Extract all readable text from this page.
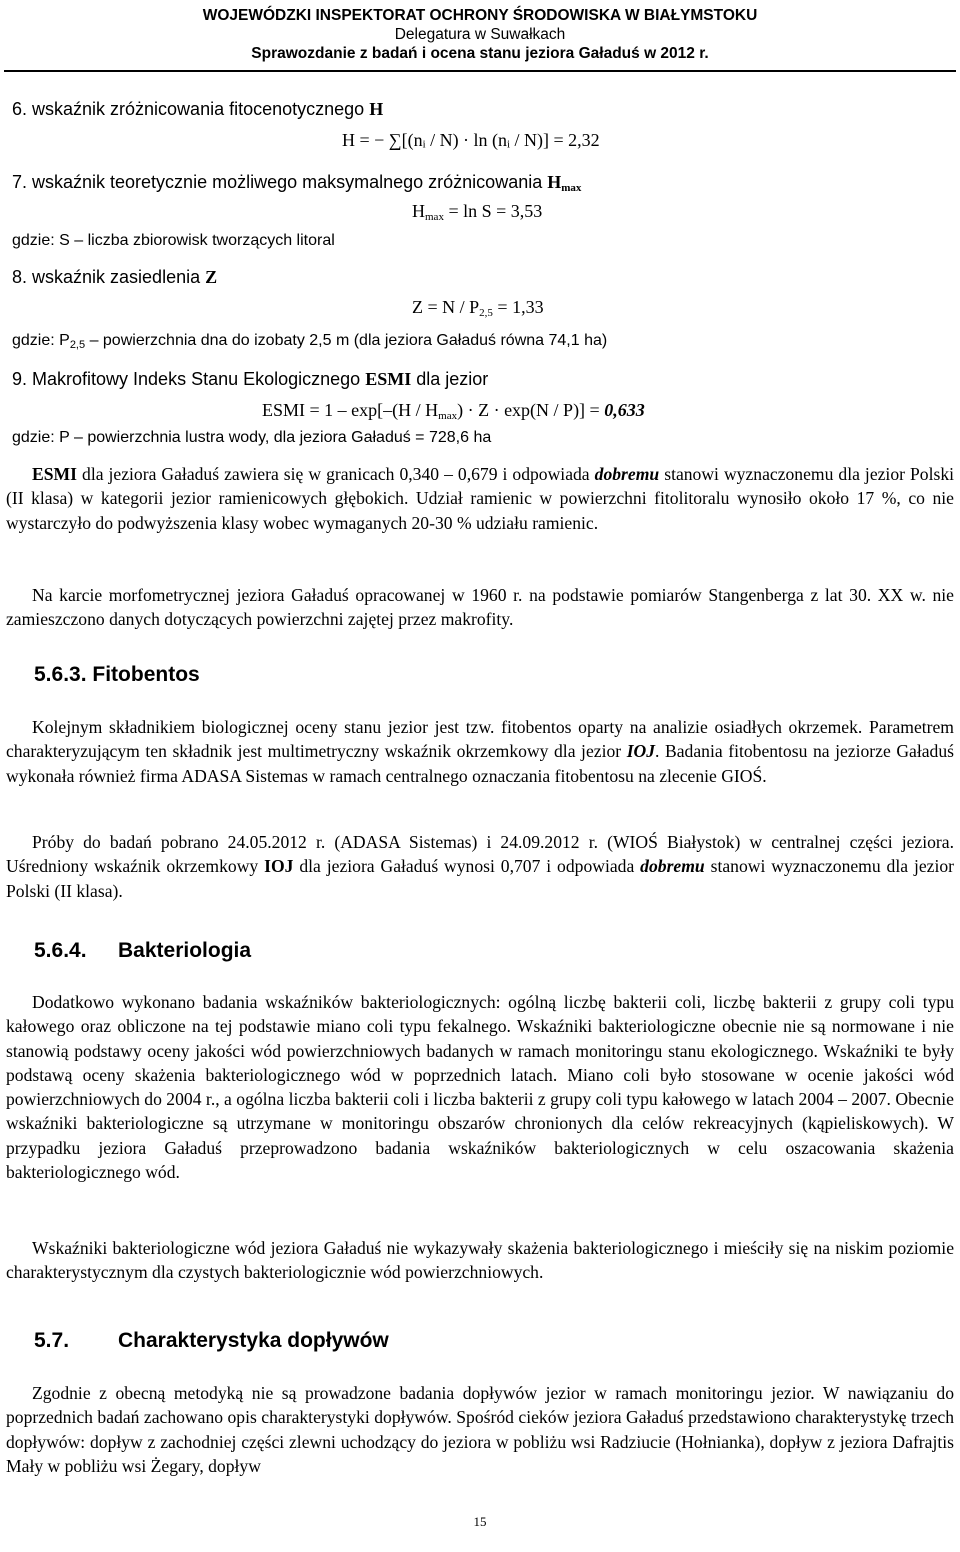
WOJEWÓDZKI INSPEKTORAT OCHRONY ŚRODOWISKA W BIAŁYMSTOKU
Delegatura w Suwałkach
Sprawozdanie z badań i ocena stanu jeziora Gaładuś w 2012 r.
6. wskaźnik zróżnicowania fitocenotycznego H
H = − ∑[(nᵢ / N) · ln (nᵢ / N)] = 2,32
7. wskaźnik teoretycznie możliwego maksymalnego zróżnicowania $H_{max}$
$H_{max} = \ln S = 3,53$
gdzie: S – liczba zbiorowisk tworzących litoral
8. wskaźnik zasiedlenia Z
$Z = N / P_{2,5} = 1,33$
gdzie: $P_{2,5}$ – powierzchnia dna do izobaty 2,5 m (dla jeziora Gaładuś równa 74,1 ha)
9. Makrofitowy Indeks Stanu Ekologicznego ESMI dla jezior
ESMI = $1 - \exp[-(H / H_{max}) \cdot Z \cdot \exp(N / P)] = 0,633$
gdzie: P – powierzchnia lustra wody, dla jeziora Gaładuś = 728,6 ha

ESMI dla jeziora Gaładuś zawiera się w granicach 0,340 – 0,679 i odpowiada dobremu stanowi wyznaczonemu dla jezior Polski (II klasa) w kategorii jezior ramienicowych głębokich. Udział ramienic w powierzchni fitolitoralu wynosiło około 17 %, co nie wystarczyło do podwyższenia klasy wobec wymaganych 20-30 % udziału ramienic.

Na karcie morfometrycznej jeziora Gaładuś opracowanej w 1960 r. na podstawie pomiarów Stangenberga z lat 30. XX w. nie zamieszczono danych dotyczących powierzchni zajętej przez makrofity.

5.6.3. Fitobentos

Kolejnym składnikiem biologicznej oceny stanu jezior jest tzw. fitobentos oparty na analizie osiadłych okrzemek. Parametrem charakteryzującym ten składnik jest multimetryczny wskaźnik okrzemkowy dla jezior IOJ. Badania fitobentosu na jeziorze Gaładuś wykonała również firma ADASA Sistemas w ramach centralnego oznaczania fitobentosu na zlecenie GIOŚ.

Próby do badań pobrano 24.05.2012 r. (ADASA Sistemas) i 24.09.2012 r. (WIOŚ Białystok) w centralnej części jeziora. Uśredniony wskaźnik okrzemkowy IOJ dla jeziora Gaładuś wynosi 0,707 i odpowiada dobremu stanowi wyznaczonemu dla jezior Polski (II klasa).

5.6.4. Bakteriologia

Dodatkowo wykonano badania wskaźników bakteriologicznych: ogólną liczbę bakterii coli, liczbę bakterii z grupy coli typu kałowego oraz obliczone na tej podstawie miano coli typu fekalnego. Wskaźniki bakteriologiczne obecnie nie są normowane i nie stanowią podstawy oceny jakości wód powierzchniowych badanych w ramach monitoringu stanu ekologicznego. Wskaźniki te były podstawą oceny skażenia bakteriologicznego wód w poprzednich latach. Miano coli było stosowane w ocenie jakości wód powierzchniowych do 2004 r., a ogólna liczba bakterii coli i liczba bakterii z grupy coli typu kałowego w latach 2004 – 2007. Obecnie wskaźniki bakteriologiczne są utrzymane w monitoringu obszarów chronionych dla celów rekreacyjnych (kąpieliskowych). W przypadku jeziora Gaładuś przeprowadzono badania wskaźników bakteriologicznych w celu oszacowania skażenia bakteriologicznego wód.

Wskaźniki bakteriologiczne wód jeziora Gaładuś nie wykazywały skażenia bakteriologicznego i mieściły się na niskim poziomie charakterystycznym dla czystych bakteriologicznie wód powierzchniowych.

5.7. Charakterystyka dopływów

Zgodnie z obecną metodyką nie są prowadzone badania dopływów jezior w ramach monitoringu jezior. W nawiązaniu do poprzednich badań zachowano opis charakterystyki dopływów. Spośród cieków jeziora Gaładuś przedstawiono charakterystykę trzech dopływów: dopływ z zachodniej części zlewni uchodzący do jeziora w pobliżu wsi Radziucie (Hołnianka), dopływ z jeziora Dafrajtis Mały w pobliżu wsi Żegary, dopływ

15
